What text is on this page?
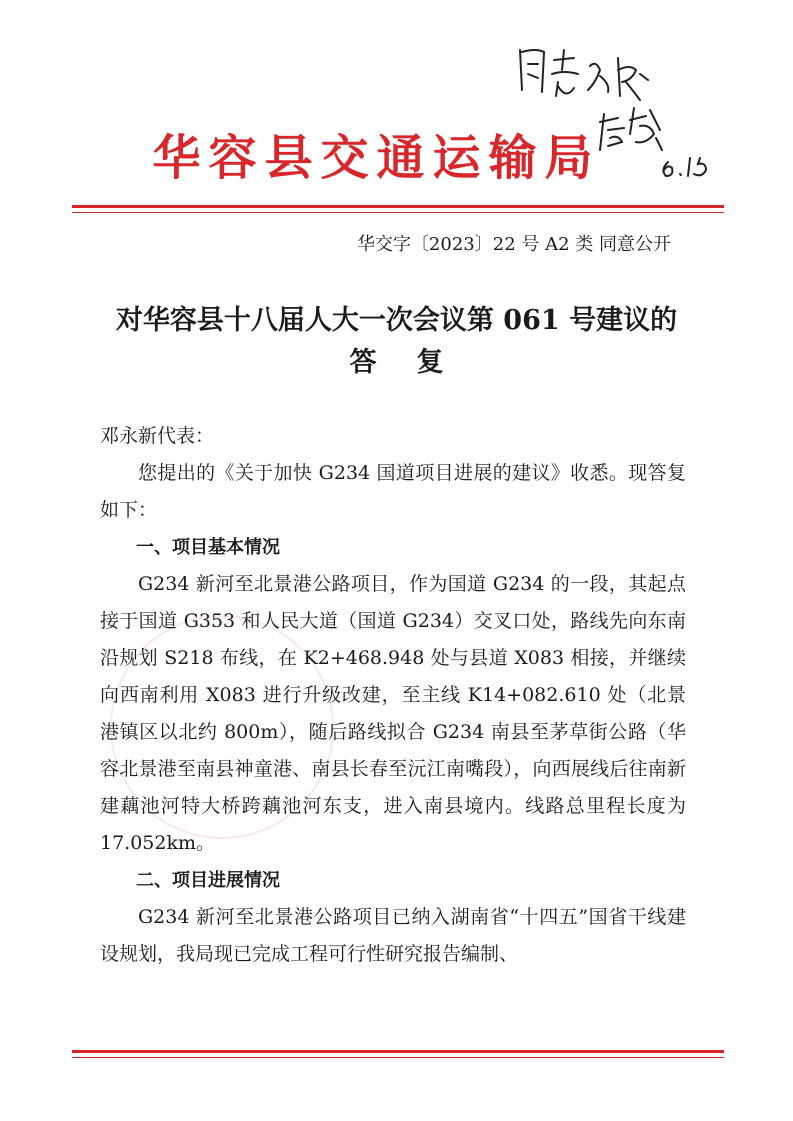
华容县交通运输局
华交字〔2023〕22 号 A2 类 同意公开
对华容县十八届人大一次会议第 061 号建议的
答复

邓永新代表：

您提出的《关于加快 G234 国道项目进展的建议》收悉。现答复如下：

一、项目基本情况

G234 新河至北景港公路项目，作为国道 G234 的一段，其起点接于国道 G353 和人民大道（国道 G234）交叉口处，路线先向东南沿规划 S218 布线，在 K2+468.948 处与县道 X083 相接，并继续向西南利用 X083 进行升级改建，至主线 K14+082.610 处（北景港镇区以北约 800m），随后路线拟合 G234 南县至茅草街公路（华容北景港至南县神童港、南县长春至沅江南嘴段），向西展线后往南新建藕池河特大桥跨藕池河东支，进入南县境内。线路总里程长度为 17.052km。

二、项目进展情况

G234 新河至北景港公路项目已纳入湖南省“十四五”国省干线建设规划，我局现已完成工程可行性研究报告编制、
